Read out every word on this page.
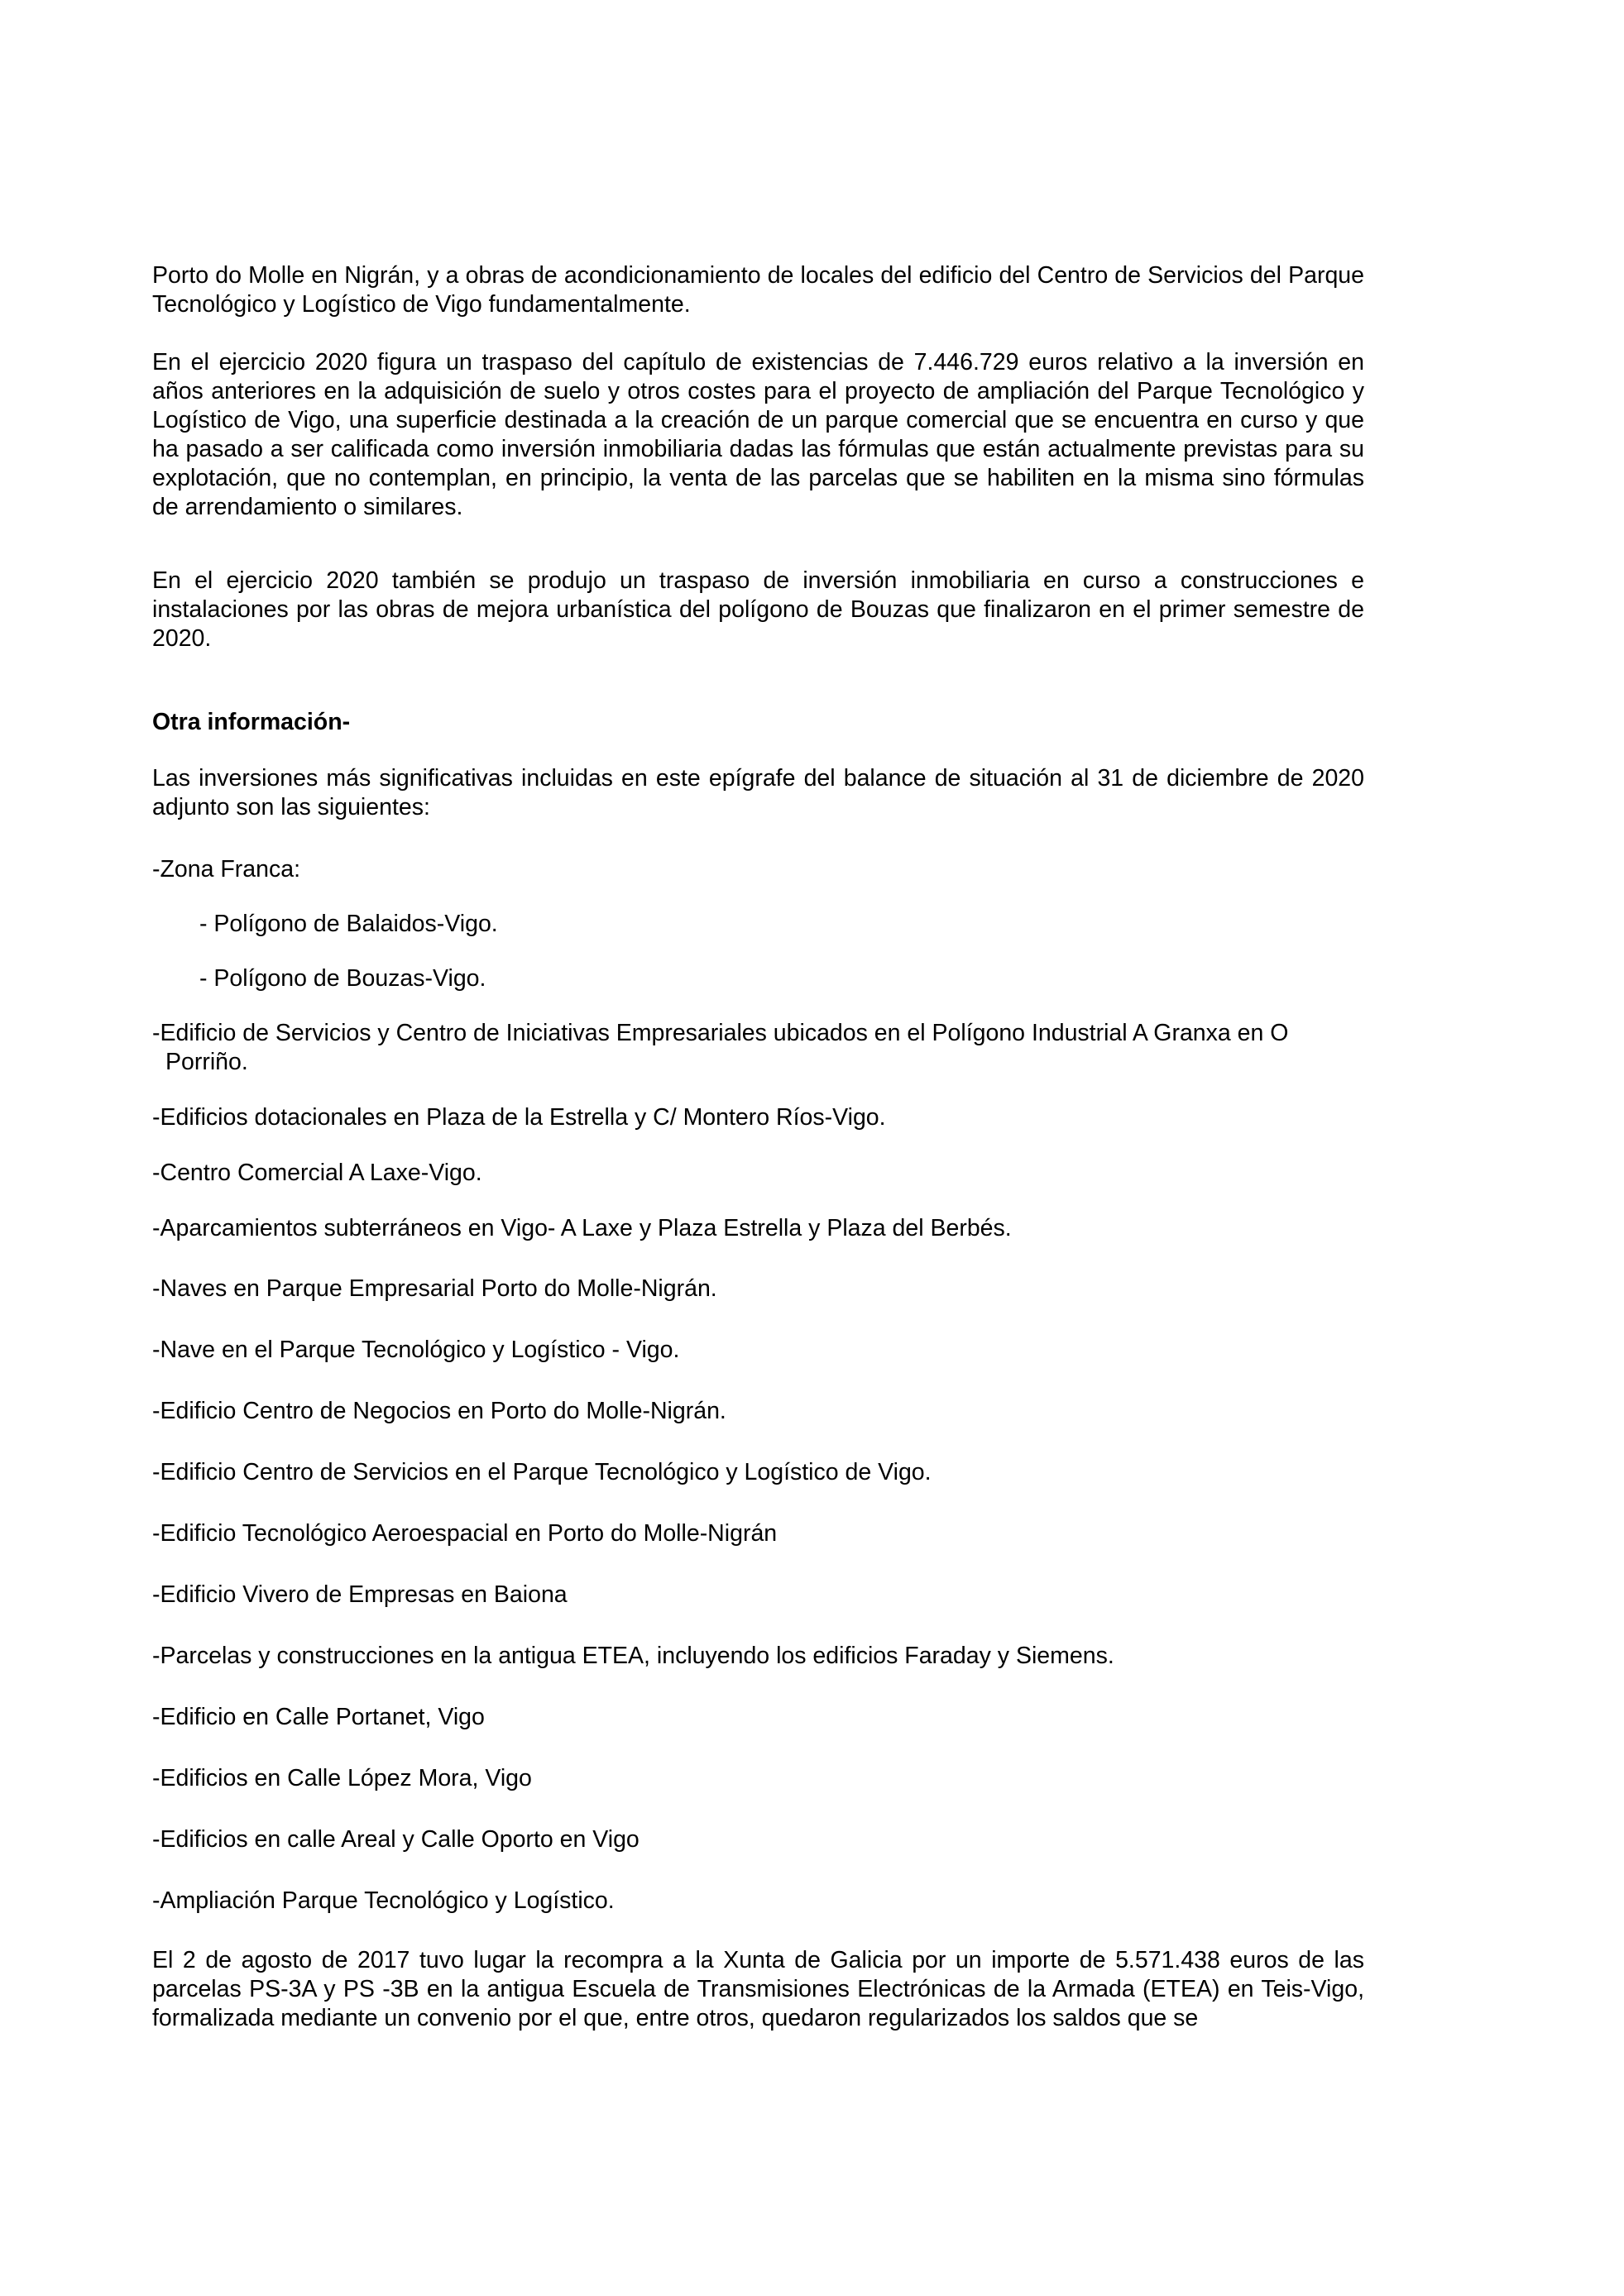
Porto do Molle en Nigrán, y a obras de acondicionamiento de locales del edificio del Centro de Servicios del Parque Tecnológico y Logístico de Vigo fundamentalmente.

En el ejercicio 2020 figura un traspaso del capítulo de existencias de 7.446.729 euros relativo a la inversión en años anteriores en la adquisición de suelo y otros costes para el proyecto de ampliación del Parque Tecnológico y Logístico de Vigo, una superficie destinada a la creación de un parque comercial que se encuentra en curso y que ha pasado a ser calificada como inversión inmobiliaria dadas las fórmulas que están actualmente previstas para su explotación, que no contemplan, en principio, la venta de las parcelas que se habiliten en la misma sino fórmulas de arrendamiento o similares.

En el ejercicio 2020 también se produjo un traspaso de inversión inmobiliaria en curso a construcciones e instalaciones por las obras de mejora urbanística del polígono de Bouzas que finalizaron en el primer semestre de 2020.

Otra información-

Las inversiones más significativas incluidas en este epígrafe del balance de situación al 31 de diciembre de 2020 adjunto son las siguientes:

-Zona Franca:

- Polígono de Balaidos-Vigo.

- Polígono de Bouzas-Vigo.

-Edificio de Servicios y Centro de Iniciativas Empresariales ubicados en el Polígono Industrial A Granxa en O

Porriño.

-Edificios dotacionales en Plaza de la Estrella y C/ Montero Ríos-Vigo.

-Centro Comercial A Laxe-Vigo.

-Aparcamientos subterráneos en Vigo- A Laxe y Plaza Estrella y Plaza del Berbés.

-Naves en Parque Empresarial Porto do Molle-Nigrán.

-Nave en el Parque Tecnológico y Logístico - Vigo.

-Edificio Centro de Negocios en Porto do Molle-Nigrán.

-Edificio Centro de Servicios en el Parque Tecnológico y Logístico de Vigo.

-Edificio Tecnológico Aeroespacial en Porto do Molle-Nigrán

-Edificio Vivero de Empresas en Baiona

-Parcelas y construcciones en la antigua ETEA, incluyendo los edificios Faraday y Siemens.

-Edificio en Calle Portanet, Vigo

-Edificios en Calle López Mora, Vigo

-Edificios en calle Areal y Calle Oporto en Vigo

-Ampliación Parque Tecnológico y Logístico.

El 2 de agosto de 2017 tuvo lugar la recompra a la Xunta de Galicia por un importe de 5.571.438 euros de las parcelas PS-3A y PS -3B en la antigua Escuela de Transmisiones Electrónicas de la Armada (ETEA) en Teis-Vigo, formalizada mediante un convenio por el que, entre otros, quedaron regularizados los saldos que se
